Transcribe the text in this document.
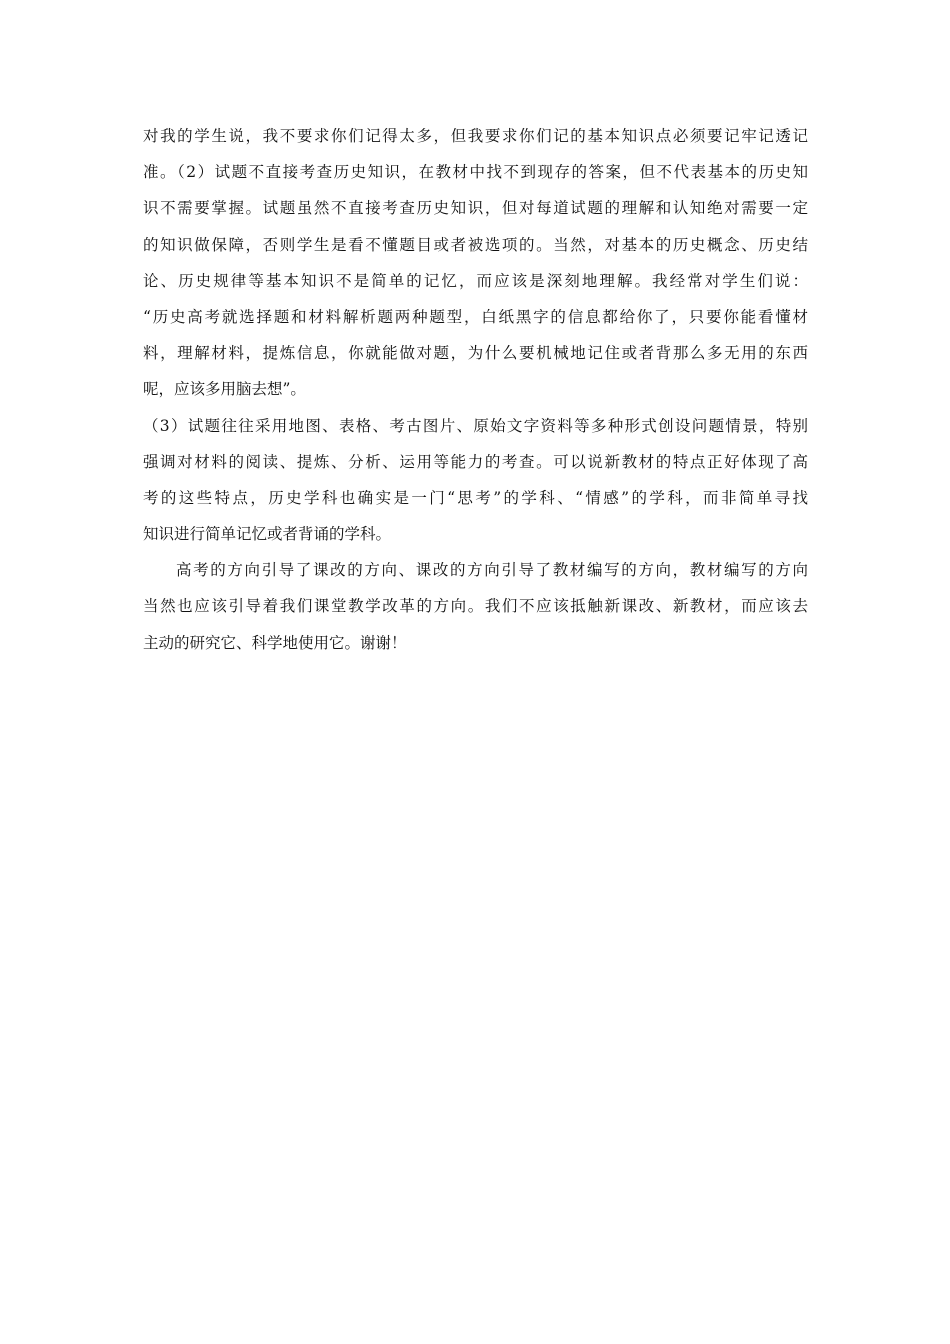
对我的学生说，我不要求你们记得太多，但我要求你们记的基本知识点必须要记牢记透记
准。（2）试题不直接考查历史知识，在教材中找不到现存的答案，但不代表基本的历史知
识不需要掌握。试题虽然不直接考查历史知识，但对每道试题的理解和认知绝对需要一定
的知识做保障，否则学生是看不懂题目或者被选项的。当然，对基本的历史概念、历史结
论、历史规律等基本知识不是简单的记忆，而应该是深刻地理解。我经常对学生们说：
“历史高考就选择题和材料解析题两种题型，白纸黑字的信息都给你了，只要你能看懂材
料，理解材料，提炼信息，你就能做对题，为什么要机械地记住或者背那么多无用的东西
呢，应该多用脑去想”。
（3）试题往往采用地图、表格、考古图片、原始文字资料等多种形式创设问题情景，特别
强调对材料的阅读、提炼、分析、运用等能力的考查。可以说新教材的特点正好体现了高
考的这些特点，历史学科也确实是一门“思考”的学科、“情感”的学科，而非简单寻找
知识进行简单记忆或者背诵的学科。
高考的方向引导了课改的方向、课改的方向引导了教材编写的方向，教材编写的方向
当然也应该引导着我们课堂教学改革的方向。我们不应该抵触新课改、新教材，而应该去
主动的研究它、科学地使用它。谢谢！
